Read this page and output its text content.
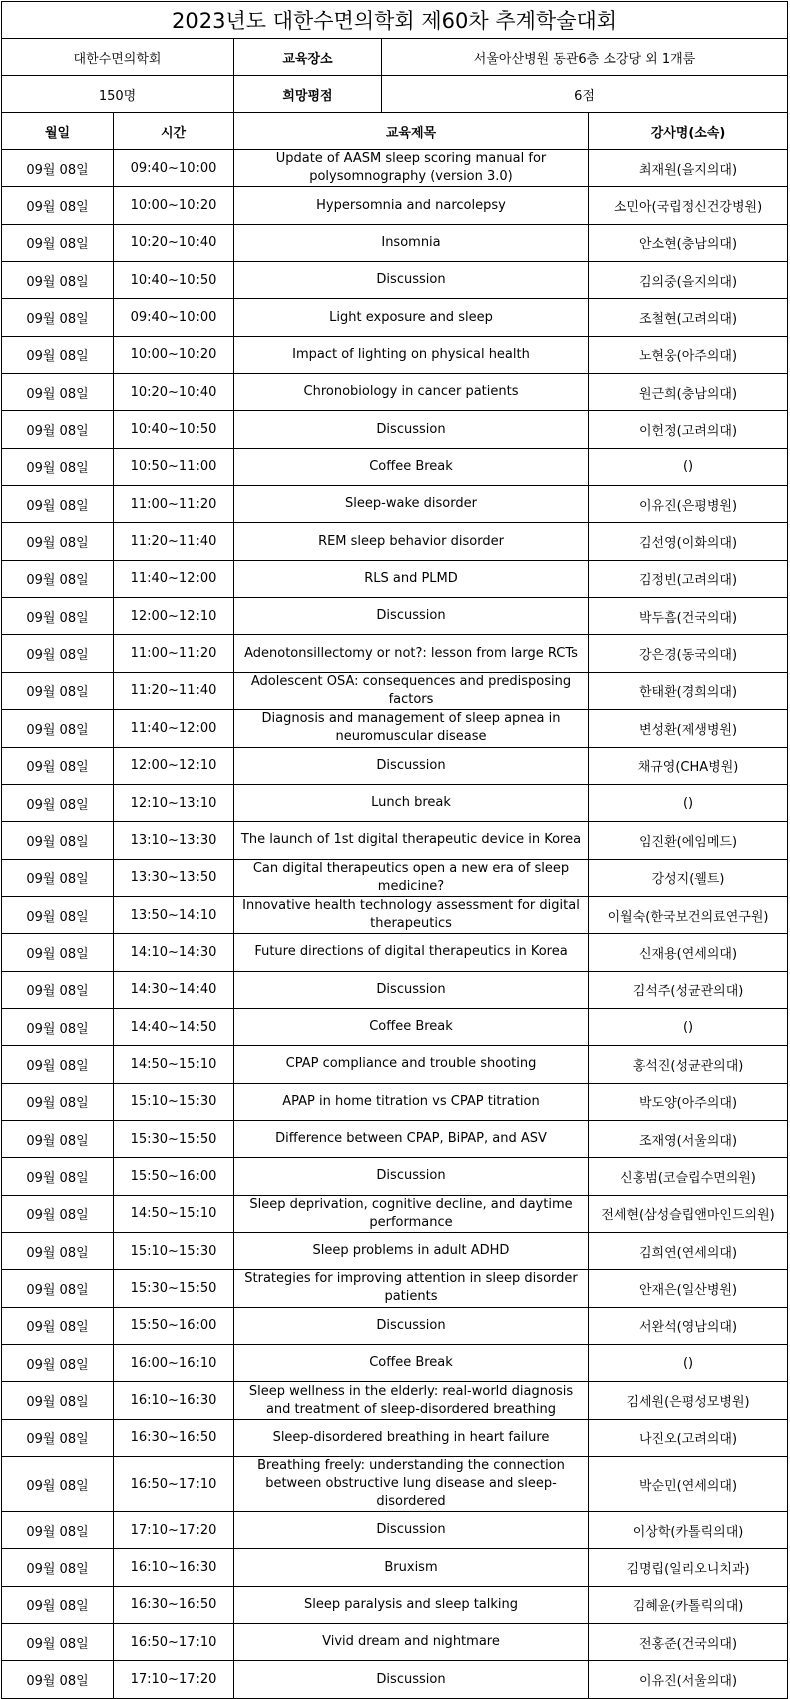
2023년도 대한수면의학회 제60차 추계학술대회				
대한수면의학회		교육장소	서울아산병원 동관6층 소강당 외 1개룸	
150명		희망평점	6점	
월일	시간	교육제목		강사명(소속)
09월 08일	09:40~10:00	Update of AASM sleep scoring manual for polysomnography (version 3.0)		최재원(을지의대)
09월 08일	10:00~10:20	Hypersomnia and narcolepsy		소민아(국립정신건강병원)
09월 08일	10:20~10:40	Insomnia		안소현(충남의대)
09월 08일	10:40~10:50	Discussion		김의중(을지의대)
09월 08일	09:40~10:00	Light exposure and sleep		조철현(고려의대)
09월 08일	10:00~10:20	Impact of lighting on physical health		노현웅(아주의대)
09월 08일	10:20~10:40	Chronobiology in cancer patients		원근희(충남의대)
09월 08일	10:40~10:50	Discussion		이헌정(고려의대)
09월 08일	10:50~11:00	Coffee Break		()
09월 08일	11:00~11:20	Sleep-wake disorder		이유진(은평병원)
09월 08일	11:20~11:40	REM sleep behavior disorder		김선영(이화의대)
09월 08일	11:40~12:00	RLS and PLMD		김정빈(고려의대)
09월 08일	12:00~12:10	Discussion		박두흠(건국의대)
09월 08일	11:00~11:20	Adenotonsillectomy or not?: lesson from large RCTs		강은경(동국의대)
09월 08일	11:20~11:40	Adolescent OSA: consequences and predisposing factors		한태환(경희의대)
09월 08일	11:40~12:00	Diagnosis and management of sleep apnea in neuromuscular disease		변성환(제생병원)
09월 08일	12:00~12:10	Discussion		채규영(CHA병원)
09월 08일	12:10~13:10	Lunch break		()
09월 08일	13:10~13:30	The launch of 1st digital therapeutic device in Korea		임진환(에임메드)
09월 08일	13:30~13:50	Can digital therapeutics open a new era of sleep medicine?		강성지(웰트)
09월 08일	13:50~14:10	Innovative health technology assessment for digital therapeutics		이월숙(한국보건의료연구원)
09월 08일	14:10~14:30	Future directions of digital therapeutics in Korea		신재용(연세의대)
09월 08일	14:30~14:40	Discussion		김석주(성균관의대)
09월 08일	14:40~14:50	Coffee Break		()
09월 08일	14:50~15:10	CPAP compliance and trouble shooting		홍석진(성균관의대)
09월 08일	15:10~15:30	APAP in home titration vs CPAP titration		박도양(아주의대)
09월 08일	15:30~15:50	Difference between CPAP, BiPAP, and ASV		조재영(서울의대)
09월 08일	15:50~16:00	Discussion		신홍범(코슬립수면의원)
09월 08일	14:50~15:10	Sleep deprivation, cognitive decline, and daytime performance		전세현(삼성슬립앤마인드의원)
09월 08일	15:10~15:30	Sleep problems in adult ADHD		김희연(연세의대)
09월 08일	15:30~15:50	Strategies for improving attention in sleep disorder patients		안재은(일산병원)
09월 08일	15:50~16:00	Discussion		서완석(영남의대)
09월 08일	16:00~16:10	Coffee Break		()
09월 08일	16:10~16:30	Sleep wellness in the elderly: real-world diagnosis and treatment of sleep-disordered breathing		김세원(은평성모병원)
09월 08일	16:30~16:50	Sleep-disordered breathing in heart failure		나진오(고려의대)
09월 08일	16:50~17:10	Breathing freely: understanding the connection between obstructive lung disease and sleep-disordered		박순민(연세의대)
09월 08일	17:10~17:20	Discussion		이상학(카톨릭의대)
09월 08일	16:10~16:30	Bruxism		김명립(일리오니치과)
09월 08일	16:30~16:50	Sleep paralysis and sleep talking		김혜윤(카톨릭의대)
09월 08일	16:50~17:10	Vivid dream and nightmare		전홍준(건국의대)
09월 08일	17:10~17:20	Discussion		이유진(서울의대)
